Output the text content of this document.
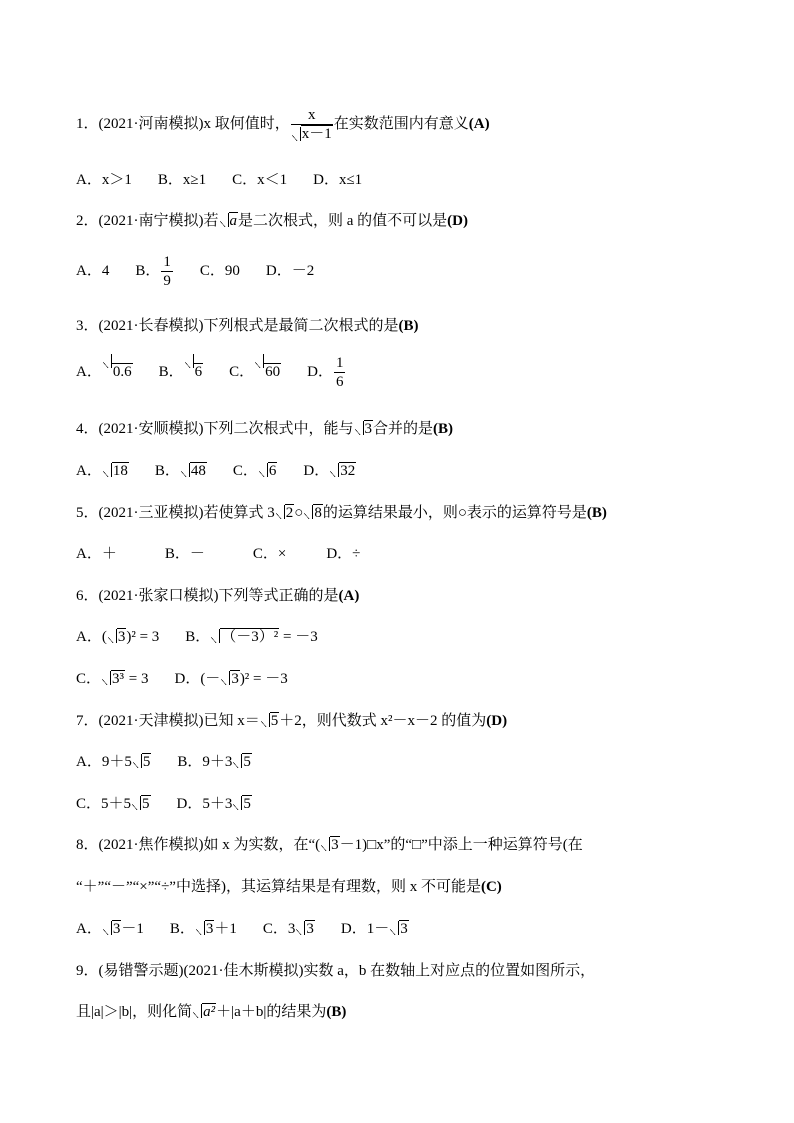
1．(2021·河南模拟)x 取何值时， $\frac{x}{x-1}$ 在实数范围内有意义(A)
A．x＞1 B．x≥1 C．x＜1 D．x≤1
2．(2021·南宁模拟)若 a是二次根式，则 a 的值不可以是(D)
A．4 B． $\frac{1}{9}$ C．90 D．－2
3．(2021·长春模拟)下列根式是最简二次根式的是(B)
A． 0.6 B． 6 C． 60 D． $\frac{1}{6}$
4．(2021·安顺模拟)下列二次根式中，能与 3合并的是(B)
A． 18 B． 48 C． 6 D． 32
5．(2021·三亚模拟)若使算式 3 2○ 8的运算结果最小，则○表示的运算符号是(B)
A．＋	B．－	C．×	D．÷
6．(2021·张家口模拟)下列等式正确的是(A)
A．( 3)² = 3 B． （－3）² = －3
C． 3³ = 3 D．(－ 3)² = －3
7．(2021·天津模拟)已知 x＝ 5＋2，则代数式 x²－x－2 的值为(D)
A．9＋5 5 B．9＋3 5
C．5＋5 5 D．5＋3 5
8．(2021·焦作模拟)如 x 为实数，在“( 3－1)□x”的“□”中添上一种运算符号(在
“＋”“－”“×”“÷”中选择)，其运算结果是有理数，则 x 不可能是(C)
A． 3－1 B． 3＋1 C．3 3 D．1－ 3
9．(易错警示题)(2021·佳木斯模拟)实数 a，b 在数轴上对应点的位置如图所示，
且|a|＞|b|，则化简 a²＋|a＋b|的结果为(B)
